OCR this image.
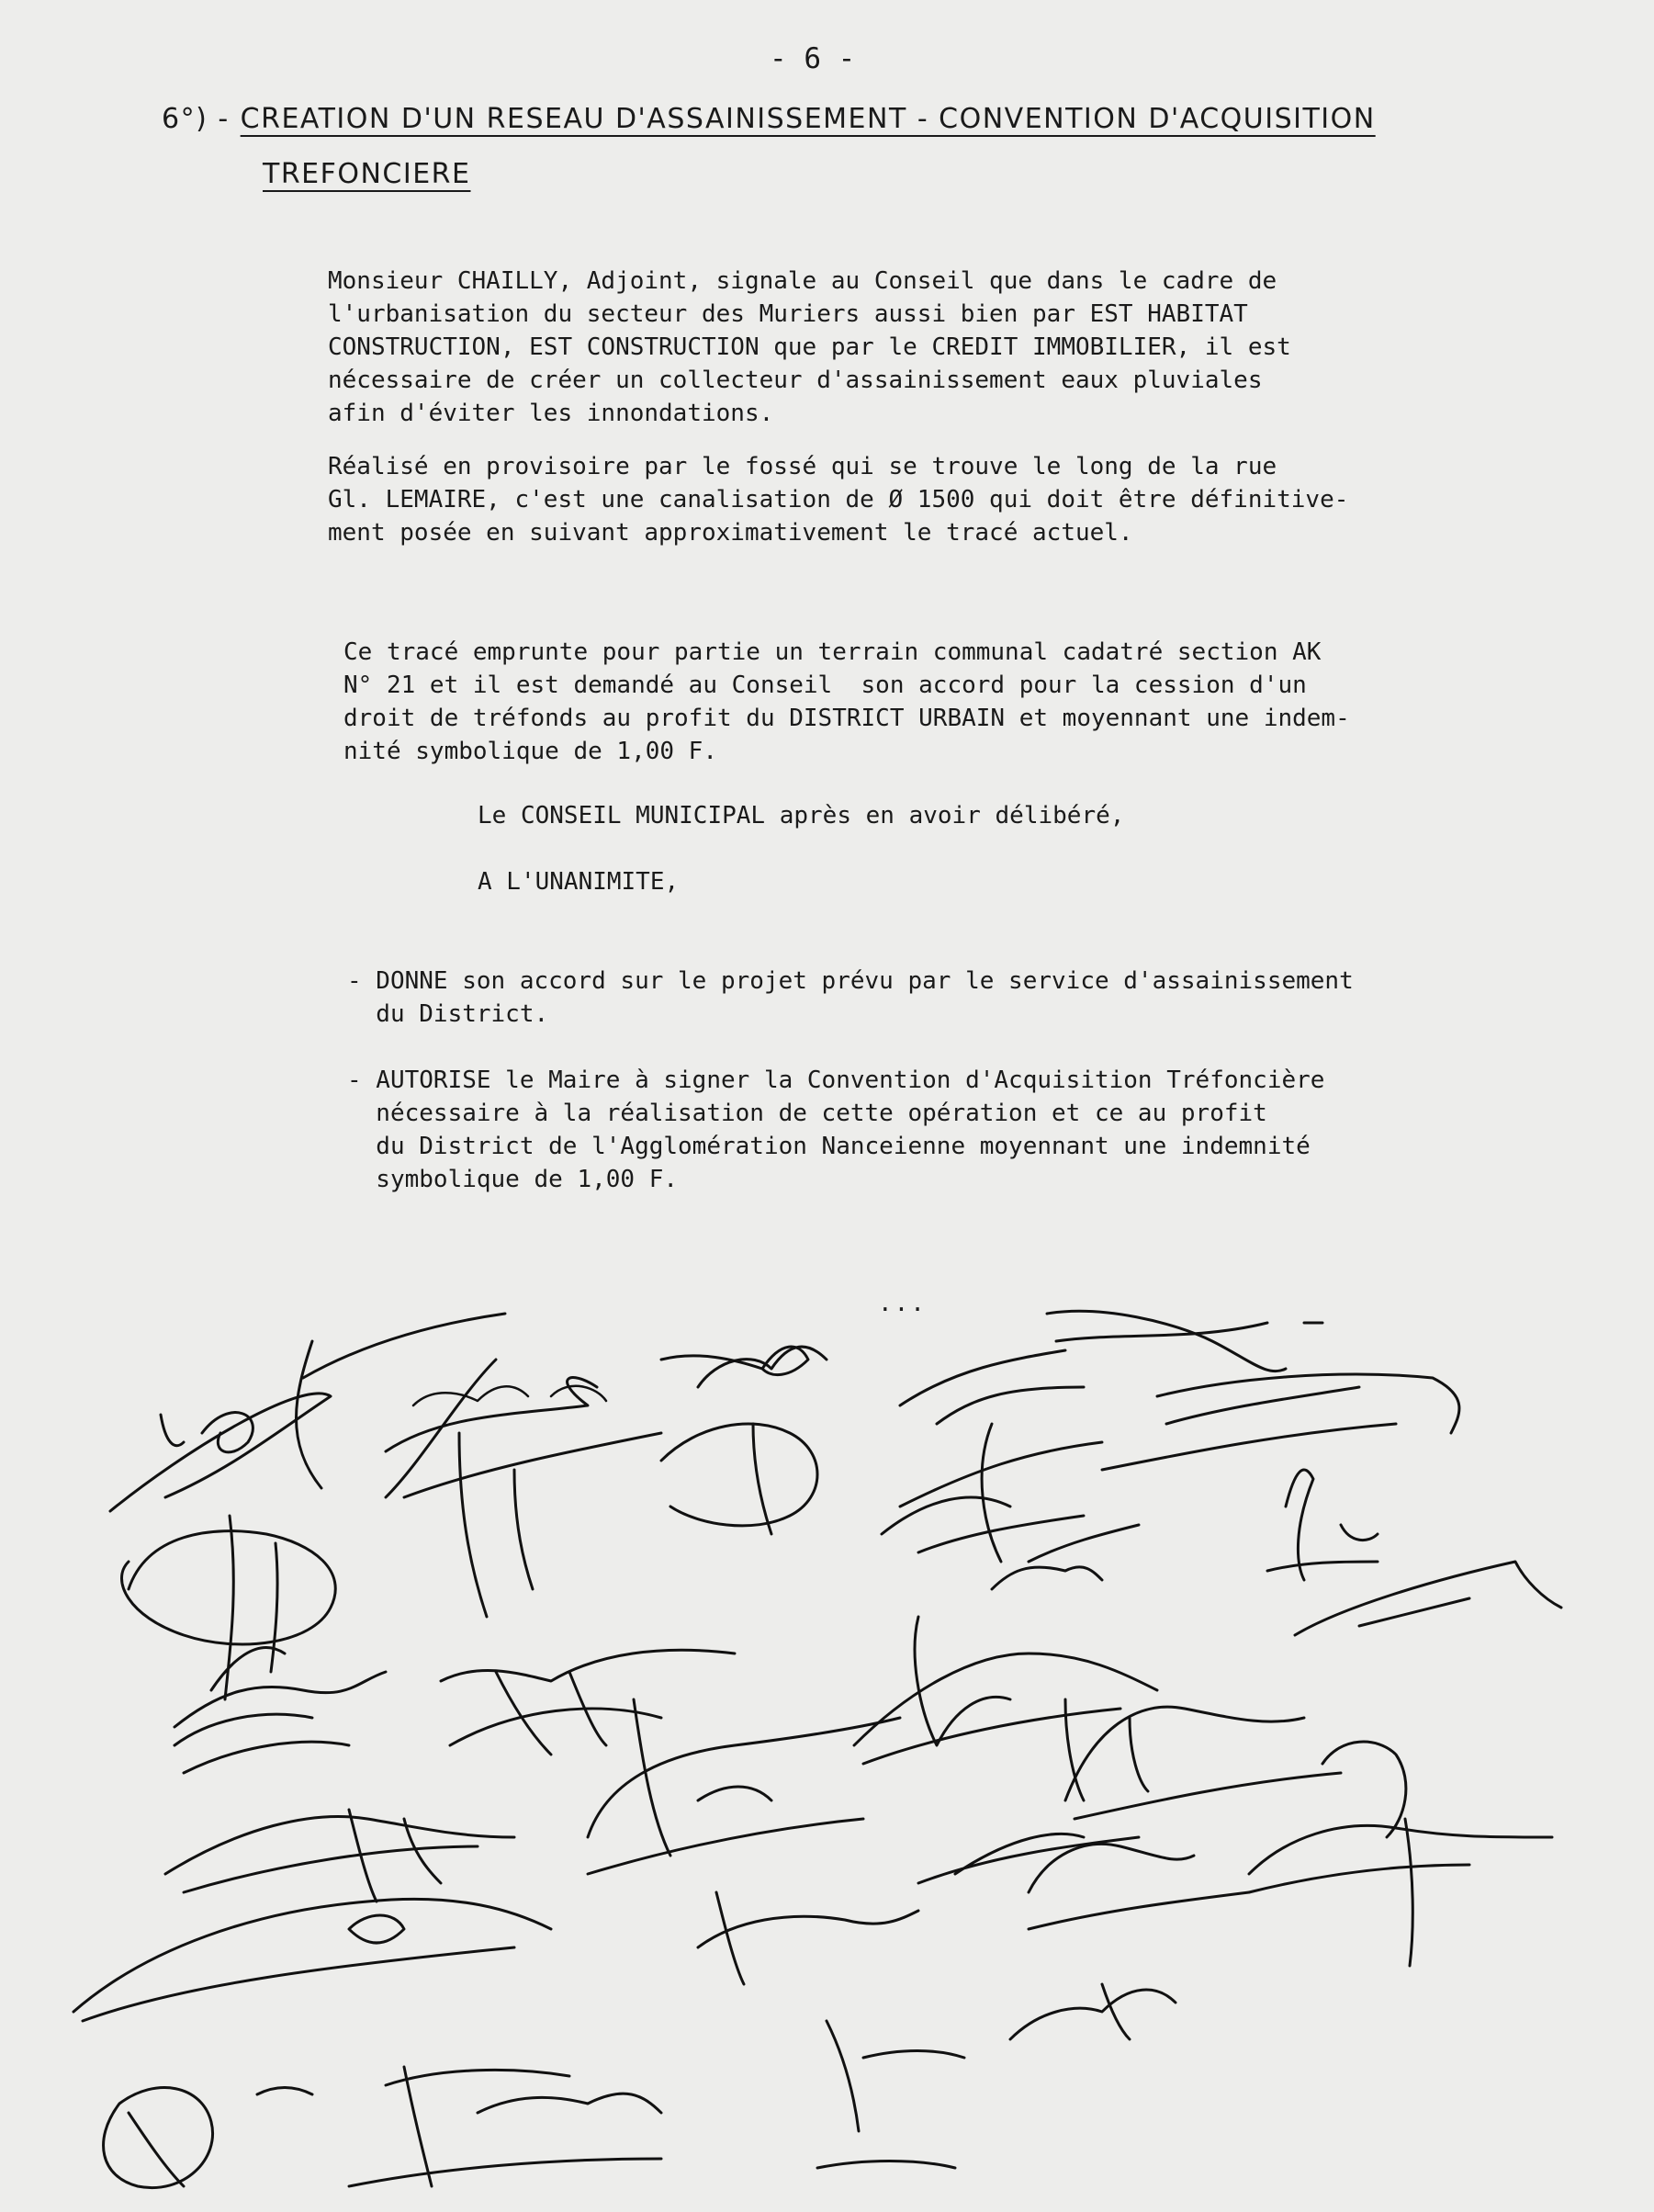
- 6 -
6°) - CREATION D'UN RESEAU D'ASSAINISSEMENT - CONVENTION D'ACQUISITION
TREFONCIERE
Monsieur CHAILLY, Adjoint, signale au Conseil que dans le cadre de
l'urbanisation du secteur des Muriers aussi bien par EST HABITAT
CONSTRUCTION, EST CONSTRUCTION que par le CREDIT IMMOBILIER, il est
nécessaire de créer un collecteur d'assainissement eaux pluviales
afin d'éviter les innondations.
Réalisé en provisoire par le fossé qui se trouve le long de la rue
Gl. LEMAIRE, c'est une canalisation de Ø 1500 qui doit être définitive-
ment posée en suivant approximativement le tracé actuel.
Ce tracé emprunte pour partie un terrain communal cadatré section AK
N° 21 et il est demandé au Conseil  son accord pour la cession d'un
droit de tréfonds au profit du DISTRICT URBAIN et moyennant une indem-
nité symbolique de 1,00 F.
Le CONSEIL MUNICIPAL après en avoir délibéré,
A L'UNANIMITE,
- DONNE son accord sur le projet prévu par le service d'assainissement
du District.
- AUTORISE le Maire à signer la Convention d'Acquisition Tréfoncière
nécessaire à la réalisation de cette opération et ce au profit
du District de l'Agglomération Nanceienne moyennant une indemnité
symbolique de 1,00 F.
...
